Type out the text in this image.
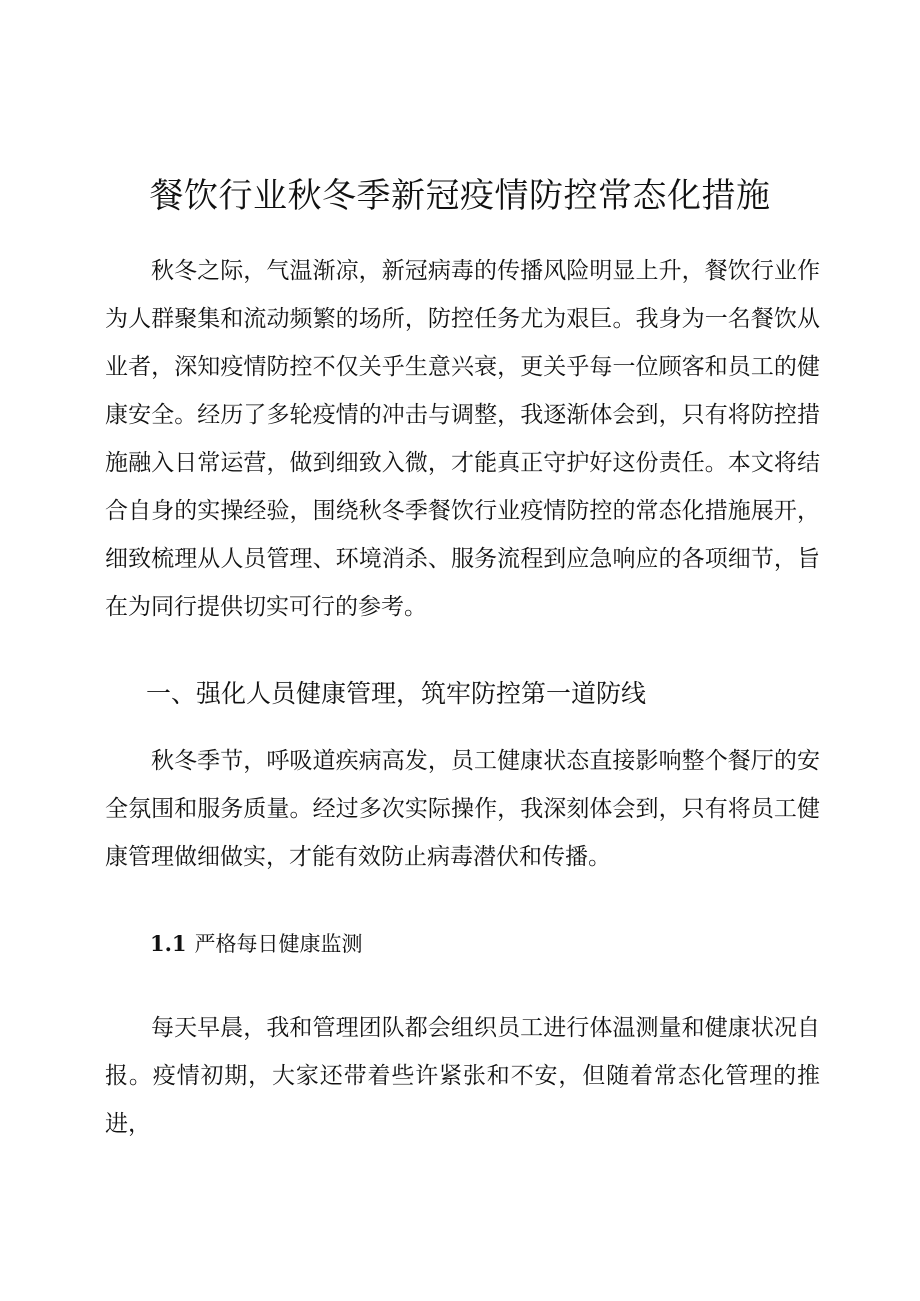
餐饮行业秋冬季新冠疫情防控常态化措施

秋冬之际，气温渐凉，新冠病毒的传播风险明显上升，餐饮行业作为人群聚集和流动频繁的场所，防控任务尤为艰巨。我身为一名餐饮从业者，深知疫情防控不仅关乎生意兴衰，更关乎每一位顾客和员工的健康安全。经历了多轮疫情的冲击与调整，我逐渐体会到，只有将防控措施融入日常运营，做到细致入微，才能真正守护好这份责任。本文将结合自身的实操经验，围绕秋冬季餐饮行业疫情防控的常态化措施展开，细致梳理从人员管理、环境消杀、服务流程到应急响应的各项细节，旨在为同行提供切实可行的参考。

一、强化人员健康管理，筑牢防控第一道防线

秋冬季节，呼吸道疾病高发，员工健康状态直接影响整个餐厅的安全氛围和服务质量。经过多次实际操作，我深刻体会到，只有将员工健康管理做细做实，才能有效防止病毒潜伏和传播。

1.1 严格每日健康监测

每天早晨，我和管理团队都会组织员工进行体温测量和健康状况自报。疫情初期，大家还带着些许紧张和不安，但随着常态化管理的推进，
